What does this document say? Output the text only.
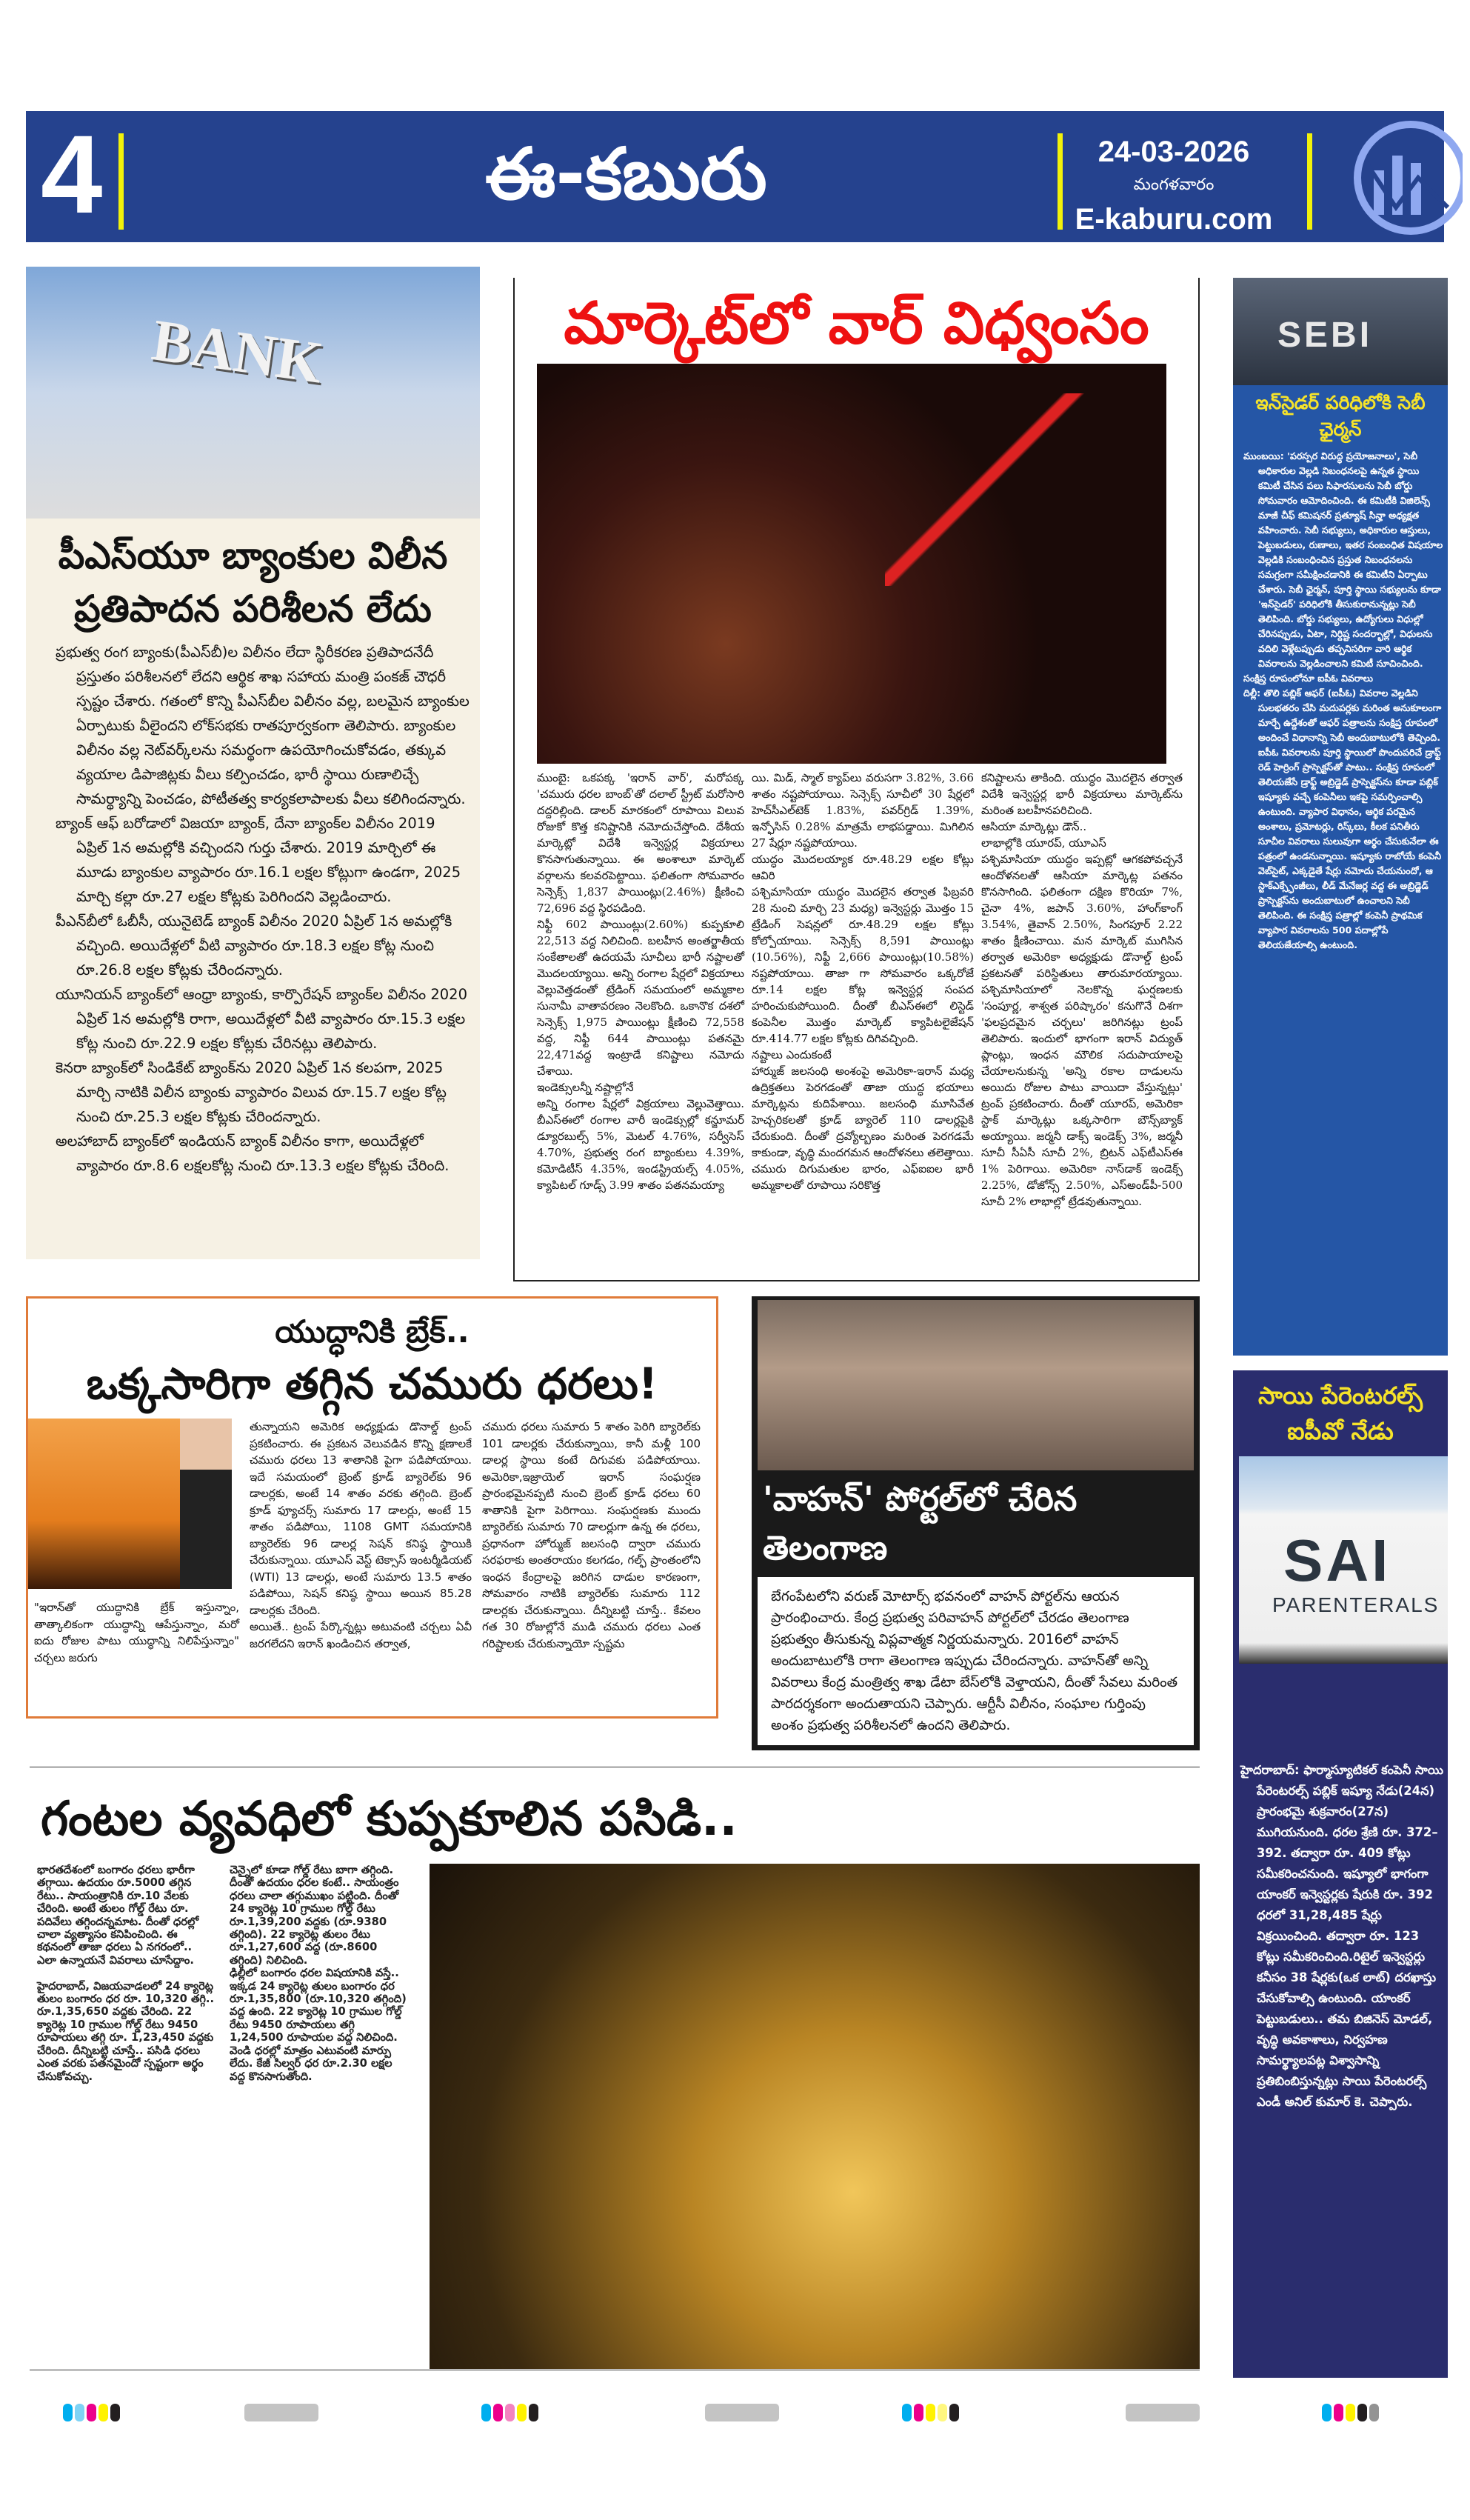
4	ఈ-కబురు	24-03-2026
మంగళవారం
E-kaburu.com
BANK
పీఎస్‌యూ బ్యాంకుల విలీన ప్రతిపాదన పరిశీలన లేదు

ప్రభుత్వ రంగ బ్యాంకు(పీఎస్‌బీ)ల విలీనం లేదా స్థిరీకరణ ప్రతిపాదనేదీ ప్రస్తుతం పరిశీలనలో లేదని ఆర్థిక శాఖ సహాయ మంత్రి పంకజ్ చౌధరీ స్పష్టం చేశారు. గతంలో కొన్ని పీఎస్‌బీల విలీనం వల్ల, బలమైన బ్యాంకుల ఏర్పాటుకు వీలైందని లోక్‌సభకు రాతపూర్వకంగా తెలిపారు. బ్యాంకుల విలీనం వల్ల నెట్‌వర్క్‌లను సమర్థంగా ఉపయోగించుకోవడం, తక్కువ వ్యయాల డిపాజిట్లకు వీలు కల్పించడం, భారీ స్థాయి రుణాలిచ్చే సామర్థ్యాన్ని పెంచడం, పోటీతత్వ కార్యకలాపాలకు వీలు కలిగిందన్నారు.

బ్యాంక్ ఆఫ్ బరోడాలో విజయా బ్యాంక్, దేనా బ్యాంక్‌ల విలీనం 2019 ఏప్రిల్ 1న అమల్లోకి వచ్చిందని గుర్తు చేశారు. 2019 మార్చిలో ఈ మూడు బ్యాంకుల వ్యాపారం రూ.16.1 లక్షల కోట్లుగా ఉండగా, 2025 మార్చి కల్లా రూ.27 లక్షల కోట్లకు పెరిగిందని వెల్లడించారు.

పీఎన్‌బీలో ఓబీసీ, యునైటెడ్ బ్యాంక్ విలీనం 2020 ఏప్రిల్ 1న అమల్లోకి వచ్చింది. అయిదేళ్లలో వీటి వ్యాపారం రూ.18.3 లక్షల కోట్ల నుంచి రూ.26.8 లక్షల కోట్లకు చేరిందన్నారు.

యూనియన్ బ్యాంక్‌లో ఆంధ్రా బ్యాంకు, కార్పొరేషన్ బ్యాంక్‌ల విలీనం 2020 ఏప్రిల్ 1న అమల్లోకి రాగా, అయిదేళ్లలో వీటి వ్యాపారం రూ.15.3 లక్షల కోట్ల నుంచి రూ.22.9 లక్షల కోట్లకు చేరినట్లు తెలిపారు.

కెనరా బ్యాంక్‌లో సిండికేట్ బ్యాంక్‌ను 2020 ఏప్రిల్ 1న కలపగా, 2025 మార్చి నాటికి విలీన బ్యాంకు వ్యాపారం విలువ రూ.15.7 లక్షల కోట్ల నుంచి రూ.25.3 లక్షల కోట్లకు చేరిందన్నారు.

అలహాబాద్ బ్యాంక్‌లో ఇండియన్ బ్యాంక్ విలీనం కాగా, అయిదేళ్లలో వ్యాపారం రూ.8.6 లక్షలకోట్ల నుంచి రూ.13.3 లక్షల కోట్లకు చేరింది.

మార్కెట్‌లో వార్ విధ్వంసం
ముంబై: ఒకపక్క 'ఇరాన్ వార్', మరోపక్క 'చమురు ధరల బాంబ్'తో దలాల్ స్ట్రీట్ మరోసారి దద్దరిల్లింది. డాలర్ మారకంలో రూపాయి విలువ రోజుకో కొత్త కనిష్టానికి నమోదుచేస్తోంది. దేశీయ మార్కెట్లో విదేశీ ఇన్వెస్టర్ల విక్రయాలు కొనసాగుతున్నాయి. ఈ అంశాలూ మార్కెట్ వర్గాలను కలవరపెట్టాయి. ఫలితంగా సోమవారం సెన్సెక్స్ 1,837 పాయింట్లు(2.46%) క్షీణించి 72,696 వద్ద స్థిరపడింది.
నిఫ్టీ 602 పాయింట్లు(2.60%) కుప్పకూలి 22,513 వద్ద నిలిచింది. బలహీన అంతర్జాతీయ సంకేతాలతో ఉదయమే సూచీలు భారీ నష్టాలతో మొదలయ్యాయి. అన్ని రంగాల షేర్లలో విక్రయాలు వెల్లువెత్తడంతో ట్రేడింగ్ సమయంలో అమ్మకాల సునామీ వాతావరణం నెలకొంది. ఒకానొక దశలో సెన్సెక్స్ 1,975 పాయింట్లు క్షీణించి 72,558 వద్ద, నిఫ్టీ 644 పాయింట్లు పతనమై 22,471వద్ద ఇంట్రాడే కనిష్టాలు నమోదు చేశాయి.
ఇండెక్సులన్నీ నష్టాల్లోనే
అన్ని రంగాల షేర్లలో విక్రయాలు వెల్లువెత్తాయి. బీఎస్ఈలో రంగాల వారీ ఇండెక్సుల్లో కన్జూమర్ డ్యూరబుల్స్ 5%, మెటల్ 4.76%, సర్వీసెస్ 4.70%, ప్రభుత్వ రంగ బ్యాంకులు 4.39%, కమోడిటీస్ 4.35%, ఇండస్ట్రియల్స్ 4.05%, క్యాపిటల్ గూడ్స్ 3.99 శాతం పతనమయ్యా
యి. మిడ్, స్మాల్ క్యాప్‌లు వరుసగా 3.82%, 3.66 శాతం నష్టపోయాయి. సెన్సెక్స్ సూచీలో 30 షేర్లలో హెచ్‌సీఎల్‌టెక్ 1.83%, పవర్‌గ్రిడ్ 1.39%, ఇన్ఫోసిస్ 0.28% మాత్రమే లాభపడ్డాయి. మిగిలిన 27 షేర్లూ నష్టపోయాయి.
యుద్ధం మొదలయ్యాక రూ.48.29 లక్షల కోట్లు ఆవిరి
పశ్చిమాసియా యుద్ధం మొదలైన తర్వాత ఫిబ్రవరి 28 నుంచి మార్చి 23 మధ్య) ఇన్వెస్టర్లు మొత్తం 15 ట్రేడింగ్ సెషన్లలో రూ.48.29 లక్షల కోట్లు కోల్పోయాయి. సెన్సెక్స్ 8,591 పాయింట్లు (10.56%), నిఫ్టీ 2,666 పాయింట్లు(10.58%) నష్టపోయాయి. తాజా గా సోమవారం ఒక్కరోజే రూ.14 లక్షల కోట్ల ఇన్వెస్టర్ల సంపద హరించుకుపోయింది. దీంతో బీఎస్ఈలో లిస్టెడ్ కంపెనీల మొత్తం మార్కెట్ క్యాపిటలైజేషన్ రూ.414.77 లక్షల కోట్లకు దిగివచ్చింది.
నష్టాలు ఎందుకంటే
హార్ముజ్ జలసంధి అంశంపై అమెరికా-ఇరాన్ మధ్య ఉద్రిక్తతలు పెరగడంతో తాజా యుద్ధ భయాలు మార్కెట్లను కుదిపేశాయి. జలసంధి మూసివేత హెచ్చరికలతో క్రూడ్ బ్యారెల్ 110 డాలర్లపైకి చేరుకుంది. దీంతో ద్రవ్యోల్బణం మరింత పెరగడమే కాకుండా, వృద్ధి మందగమన ఆందోళనలు తలెత్తాయి. చమురు దిగుమతుల భారం, ఎఫ్ఐఐల భారీ అమ్మకాలతో రూపాయి సరికొత్త
కనిష్టాలను తాకింది. యుద్ధం మొదలైన తర్వాత విదేశీ ఇన్వెస్టర్ల భారీ విక్రయాలు మార్కెట్‌ను మరింత బలహీనపరిచింది.
ఆసియా మార్కెట్లు డౌన్..
లాభాల్లోకి యూరప్, యూఎస్
పశ్చిమాసియా యుద్ధం ఇప్పట్లో ఆగకపోవచ్చనే ఆందోళనలతో ఆసియా మార్కెట్ల పతనం కొనసాగింది. ఫలితంగా దక్షిణ కొరియా 7%, చైనా 4%, జపాన్ 3.60%, హాంగ్‌కాంగ్ 3.54%, తైవాన్ 2.50%, సింగపూర్ 2.22 శాతం క్షీణించాయి. మన మార్కెట్ ముగిసిన తర్వాత అమెరికా అధ్యక్షుడు డొనాల్డ్ ట్రంప్ ప్రకటనతో పరిస్థితులు తారుమారయ్యాయి. పశ్చిమాసియాలో నెలకొన్న ఘర్షణలకు 'సంపూర్ణ, శాశ్వత పరిష్కారం' కనుగొనే దిశగా 'ఫలప్రదమైన చర్చలు' జరిగినట్లు ట్రంప్ తెలిపారు. ఇందులో భాగంగా ఇరాన్ విద్యుత్ ప్లాంట్లు, ఇంధన మౌలిక సదుపాయాలపై చేయాలనుకున్న 'అన్ని రకాల దాడులను అయిదు రోజుల పాటు వాయిదా వేస్తున్నట్లు' ట్రంప్ ప్రకటించారు. దీంతో యూరప్, అమెరికా స్టాక్ మార్కెట్లు ఒక్కసారిగా బౌన్స్‌బ్యాక్ అయ్యాయి. జర్మనీ డాక్స్ ఇండెక్స్ 3%, జర్మనీ సూచీ సీఏసీ సూచీ 2%, బ్రిటన్ ఎఫ్‌టీఎస్ఈ 1% పెరిగాయి. అమెరికా నాస్‌డాక్ ఇండెక్స్ 2.25%, డోజోన్స్ 2.50%, ఎస్అండ్‌పీ-500 సూచీ 2% లాభాల్లో ట్రేడవుతున్నాయి.
SEBI
ఇన్‌సైడర్ పరిధిలోకి సెబీ ఛైర్మన్

ముంబయి: 'పరస్పర విరుద్ధ ప్రయోజనాలు', సెబీ అధికారుల వెల్లడి నిబంధనలపై ఉన్నత స్థాయి కమిటీ చేసిన పలు సిఫారసులను సెబీ బోర్డు సోమవారం ఆమోదించింది. ఈ కమిటీకి విజిలెన్స్ మాజీ చీఫ్ కమిషనర్ ప్రత్యూష్ సిన్హా అధ్యక్షత వహించారు. సెబీ సభ్యులు, అధికారుల ఆస్తులు, పెట్టుబడులు, రుణాలు, ఇతర సంబంధిత విషయాల వెల్లడికి సంబంధించిన ప్రస్తుత నిబంధనలను సమగ్రంగా సమీక్షించడానికి ఈ కమిటీని ఏర్పాటు చేశారు. సెబీ ఛైర్మన్, పూర్తి స్థాయి సభ్యులను కూడా 'ఇన్‌సైడర్' పరిధిలోకి తీసుకురానున్నట్లు సెబీ తెలిపింది. బోర్డు సభ్యులు, ఉద్యోగులు విధుల్లో చేరినప్పుడు, ఏటా, నిర్దిష్ట సందర్భాల్లో, విధులను వదిలి వెళ్లేటప్పుడు తప్పనిసరిగా వారి ఆర్థిక వివరాలను వెల్లడించాలని కమిటీ సూచించింది.

సంక్షిప్త రూపంలోనూ ఐపీఓ వివరాలు

దిల్లీ: తొలి పబ్లిక్ ఆఫర్ (ఐపీఓ) వివరాల వెల్లడిని సులభతరం చేసి మదుపర్లకు మరింత అనుకూలంగా మార్చే ఉద్దేశంతో ఆఫర్ పత్రాలను సంక్షిప్త రూపంలో అందించే విధానాన్ని సెబీ అందుబాటులోకి తెచ్చింది. ఐపీఓ వివరాలను పూర్తి స్థాయిలో పొందుపరిచే డ్రాఫ్ట్ రెడ్ హెర్రింగ్ ప్రాస్పెక్టస్‌తో పాటు.. సంక్షిప్త రూపంలో తెలియజేసే డ్రాఫ్ట్ అబ్రిడ్జెడ్ ప్రాస్పెక్టస్‌ను కూడా పబ్లిక్ ఇష్యూకు వచ్చే కంపెనీలు ఇకపై సమర్పించాల్సి ఉంటుంది. వ్యాపార విధానం, ఆర్థిక పరమైన అంశాలు, ప్రమోటర్లు, రిస్క్‌లు, కీలక పనితీరు సూచీల వివరాలు సులువుగా అర్థం చేసుకునేలా ఈ పత్రంలో ఉండనున్నాయి. ఇష్యూకు రాబోయే కంపెనీ వెబ్‌సైట్, ఎక్కడైతే షేర్లు నమోదు చేయనుందో, ఆ స్టాక్‌ఎక్స్ఛేంజీలు, లీడ్ మేనేజర్ల వద్ద ఈ అబ్రిడ్జెడ్ ప్రాస్పెక్టస్‌ను అందుబాటులో ఉంచాలని సెబీ తెలిపింది. ఈ సంక్షిప్త పత్రాల్లో కంపెనీ ప్రాథమిక వ్యాపార వివరాలను 500 పదాల్లోపే తెలియజేయాల్సి ఉంటుంది.

యుద్ధానికి బ్రేక్..
ఒక్కసారిగా తగ్గిన చమురు ధరలు!
"ఇరాన్‌తో యుద్ధానికి బ్రేక్ ఇస్తున్నాం, తాత్కాలికంగా యుద్ధాన్ని ఆపేస్తున్నాం, మరో ఐదు రోజుల పాటు యుద్ధాన్ని నిలిపేస్తున్నాం" చర్చలు జరుగు
తున్నాయని అమెరిక అధ్యక్షుడు డొనాల్డ్ ట్రంప్ ప్రకటించారు. ఈ ప్రకటన వెలువడిన కొన్ని క్షణాలకే చమురు ధరలు 13 శాతానికి పైగా పడిపోయాయి. ఇదే సమయంలో బ్రెంట్ క్రూడ్ బ్యారెల్‌కు 96 డాలర్లకు, అంటే 14 శాతం వరకు తగ్గింది. బ్రెంట్ క్రూడ్ ఫ్యూచర్స్ సుమారు 17 డాలర్లు, అంటే 15 శాతం పడిపోయి, 1108 GMT సమయానికి బ్యారెల్‌కు 96 డాలర్ల సెషన్ కనిష్ఠ స్థాయికి చేరుకున్నాయి. యూఎస్ వెస్ట్ టెక్సాస్ ఇంటర్మీడియట్ (WTI) 13 డాలర్లు, అంటే సుమారు 13.5 శాతం పడిపోయి, సెషన్ కనిష్ఠ స్థాయి అయిన 85.28 డాలర్లకు చేరింది.
అయితే.. ట్రంప్ పేర్కొన్నట్లు అటువంటి చర్చలు ఏవీ జరగలేదని ఇరాన్ ఖండించిన తర్వాత,
చమురు ధరలు సుమారు 5 శాతం పెరిగి బ్యారెల్‌కు 101 డాలర్లకు చేరుకున్నాయి, కానీ మళ్లీ 100 డాలర్ల స్థాయి కంటే దిగువకు పడిపోయాయి. అమెరికా,ఇజ్రాయెల్ ఇరాన్ సంఘర్షణ ప్రారంభమైనప్పటి నుంచి బ్రెంట్ క్రూడ్ ధరలు 60 శాతానికి పైగా పెరిగాయి. సంఘర్షణకు ముందు బ్యారెల్‌కు సుమారు 70 డాలర్లుగా ఉన్న ఈ ధరలు, ప్రధానంగా హోర్ముజ్ జలసంధి ద్వారా చమురు సరఫరాకు అంతరాయం కలగడం, గల్ఫ్ ప్రాంతంలోని ఇంధన కేంద్రాలపై జరిగిన దాడుల కారణంగా, సోమవారం నాటికి బ్యారెల్‌కు సుమారు 112 డాలర్లకు చేరుకున్నాయి. దీన్నిబట్టి చూస్తే.. కేవలం గత 30 రోజుల్లోనే ముడి చమురు ధరలు ఎంత గరిష్టాలకు చేరుకున్నాయో స్పష్టమ
'వాహన్' పోర్టల్‌లో చేరిన తెలంగాణ
బేగంపేటలోని వరుణ్ మోటార్స్ భవనంలో వాహన్ పోర్టల్‌ను ఆయన ప్రారంభించారు. కేంద్ర ప్రభుత్వ పరివాహన్ పోర్టల్‌లో చేరడం తెలంగాణ ప్రభుత్వం తీసుకున్న విప్లవాత్మక నిర్ణయమన్నారు. 2016లో వాహన్ అందుబాటులోకి రాగా తెలంగాణ ఇప్పుడు చేరిందన్నారు. వాహన్‌తో అన్ని వివరాలు కేంద్ర మంత్రిత్వ శాఖ డేటా బేస్‌లోకి వెళ్తాయని, దీంతో సేవలు మరింత పారదర్శకంగా అందుతాయని చెప్పారు. ఆర్టీసీ విలీనం, సంఘాల గుర్తింపు అంశం ప్రభుత్వ పరిశీలనలో ఉందని తెలిపారు.
సాయి పేరెంటరల్స్ ఐపీవో నేడు
SAI
PARENTERALS
హైదరాబాద్: ఫార్మాస్యూటికల్ కంపెనీ సాయి పేరెంటరల్స్ పబ్లిక్ ఇష్యూ నేడు(24న) ప్రారంభమై శుక్రవారం(27న) ముగియనుంది. ధరల శ్రేణి రూ. 372–392. తద్వారా రూ. 409 కోట్లు సమీకరించనుంది. ఇష్యూలో భాగంగా యాంకర్ ఇన్వెస్టర్లకు షేరుకి రూ. 392 ధరలో 31,28,485 షేర్లు విక్రయించింది. తద్వారా రూ. 123 కోట్లు సమీకరించింది.రిటైల్ ఇన్వెస్టర్లు కనీసం 38 షేర్లకు(ఒక లాట్) దరఖాస్తు చేసుకోవాల్సి ఉంటుంది. యాంకర్ పెట్టుబడులు.. తమ బిజినెస్ మోడల్, వృద్ధి అవకాశాలు, నిర్వహణ సామర్థ్యాలపట్ల విశ్వాసాన్ని ప్రతిబింబిస్తున్నట్లు సాయి పేరెంటరల్స్ ఎండీ అనిల్ కుమార్ కె. చెప్పారు.
గంటల వ్యవధిలో కుప్పకూలిన పసిడి..
భారతదేశంలో బంగారం ధరలు భారీగా తగ్గాయి. ఉదయం రూ.5000 తగ్గిన రేటు.. సాయంత్రానికి రూ.10 వేలకు చేరింది. అంటే తులం గోల్డ్ రేటు రూ. పదివేలు తగ్గిందన్నమాట. దీంతో ధరల్లో చాలా వ్యత్యాసం కనిపించింది. ఈ కథనంలో తాజా ధరలు ఏ నగరంలో.. ఎలా ఉన్నాయనే వివరాలు చూసేద్దాం.

హైదరాబాద్, విజయవాడలలో 24 క్యారెట్ల తులం బంగారం ధర రూ. 10,320 తగ్గి.. రూ.1,35,650 వద్దకు చేరింది. 22 క్యారెట్ల 10 గ్రాముల గోల్డ్ రేటు 9450 రూపాయలు తగ్గి రూ. 1,23,450 వద్దకు చేరింది. దీన్నిబట్టి చూస్తే.. పసిడి ధరలు ఎంత వరకు పతనమైందో స్పష్టంగా అర్థం చేసుకోవచ్చు.
చెన్నైలో కూడా గోల్డ్ రేటు బాగా తగ్గింది. దీంతో ఉదయం ధరల కంటే.. సాయంత్రం ధరలు చాలా తగ్గుముఖం పట్టింది. దీంతో 24 క్యారెట్ల 10 గ్రాముల గోల్డ్ రేటు రూ.1,39,200 వద్దకు (రూ.9380 తగ్గింది). 22 క్యారెట్ల తులం రేటు రూ.1,27,600 వద్ద (రూ.8600 తగ్గింది) నిలిచింది.
ఢిల్లీలో బంగారం ధరల విషయానికి వస్తే.. ఇక్కడ 24 క్యారెట్ల తులం బంగారం ధర రూ.1,35,800 (రూ.10,320 తగ్గింది) వద్ద ఉంది. 22 క్యారెట్ల 10 గ్రాముల గోల్డ్ రేటు 9450 రూపాయలు తగ్గి 1,24,500 రూపాయల వద్ద నిలిచింది. వెండి ధరల్లో మాత్రం ఎటువంటి మార్పు లేదు. కేజీ సిల్వర్ ధర రూ.2.30 లక్షల వద్ద కొనసాగుతోంది.
